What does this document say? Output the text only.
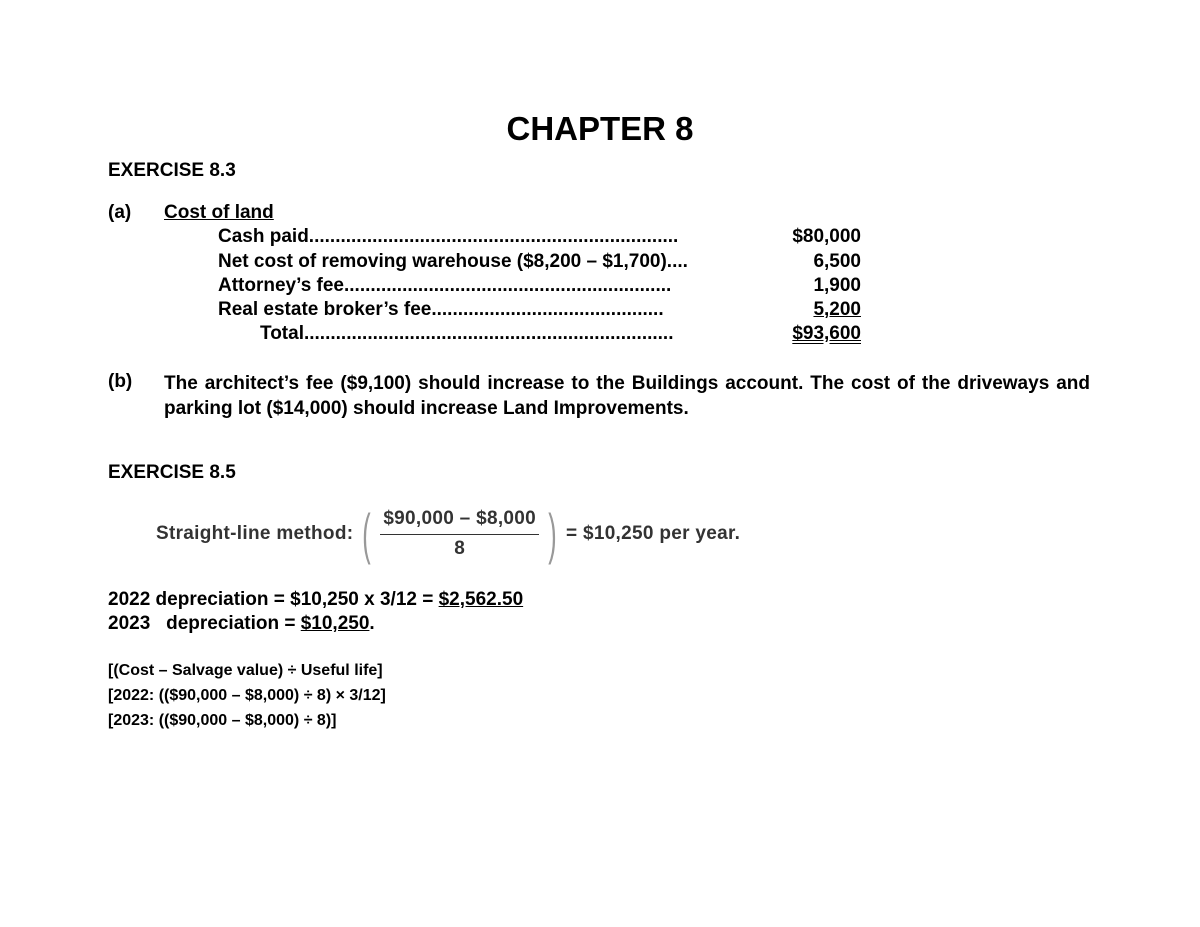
CHAPTER 8
EXERCISE 8.3
(a) Cost of land
Cash paid......................................................................	$80,000
Net cost of removing warehouse ($8,200 – $1,700)....	6,500
Attorney’s fee..............................................................	1,900
Real estate broker’s fee............................................	5,200
Total......................................................................	$93,600
(b) The architect’s fee ($9,100) should increase to the Buildings account. The cost of the driveways and parking lot ($14,000) should increase Land Improvements.
EXERCISE 8.5
Straight-line method: ( $\frac{\$90,000 - \$8,000}{8}$ ) = $10,250 per year.
2022 depreciation = $10,250 x 3/12 = $2,562.50
2023   depreciation = $10,250.
[(Cost – Salvage value) ÷ Useful life]
[2022: (($90,000 – $8,000) ÷ 8) × 3/12]
[2023: (($90,000 – $8,000) ÷ 8)]
